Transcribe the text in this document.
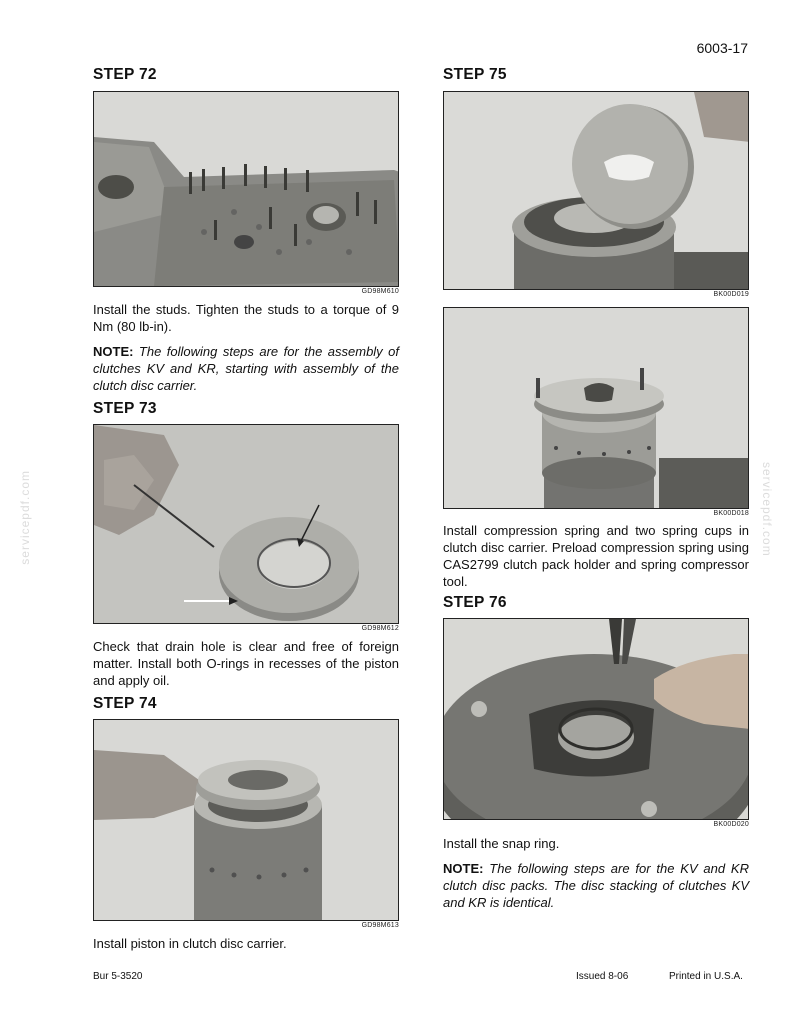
6003-17
servicepdf.com	servicepdf.com

STEP 72

GD98M610

Install the studs. Tighten the studs to a torque of 9 Nm (80 lb-in).

NOTE: The following steps are for the assembly of clutches KV and KR, starting with assembly of the clutch disc carrier.

STEP 73

GD98M612

Check that drain hole is clear and free of foreign matter. Install both O-rings in recesses of the piston and apply oil.

STEP 74

GD98M613

Install piston in clutch disc carrier.

STEP 75

BK00D019
BK00D018

Install compression spring and two spring cups in clutch disc carrier. Preload compression spring using CAS2799 clutch pack holder and spring compressor tool.

STEP 76

BK00D020

Install the snap ring.

NOTE: The following steps are for the KV and KR clutch disc packs. The disc stacking of clutches KV and KR is identical.

Bur 5-3520	Issued 8-06	Printed in U.S.A.
